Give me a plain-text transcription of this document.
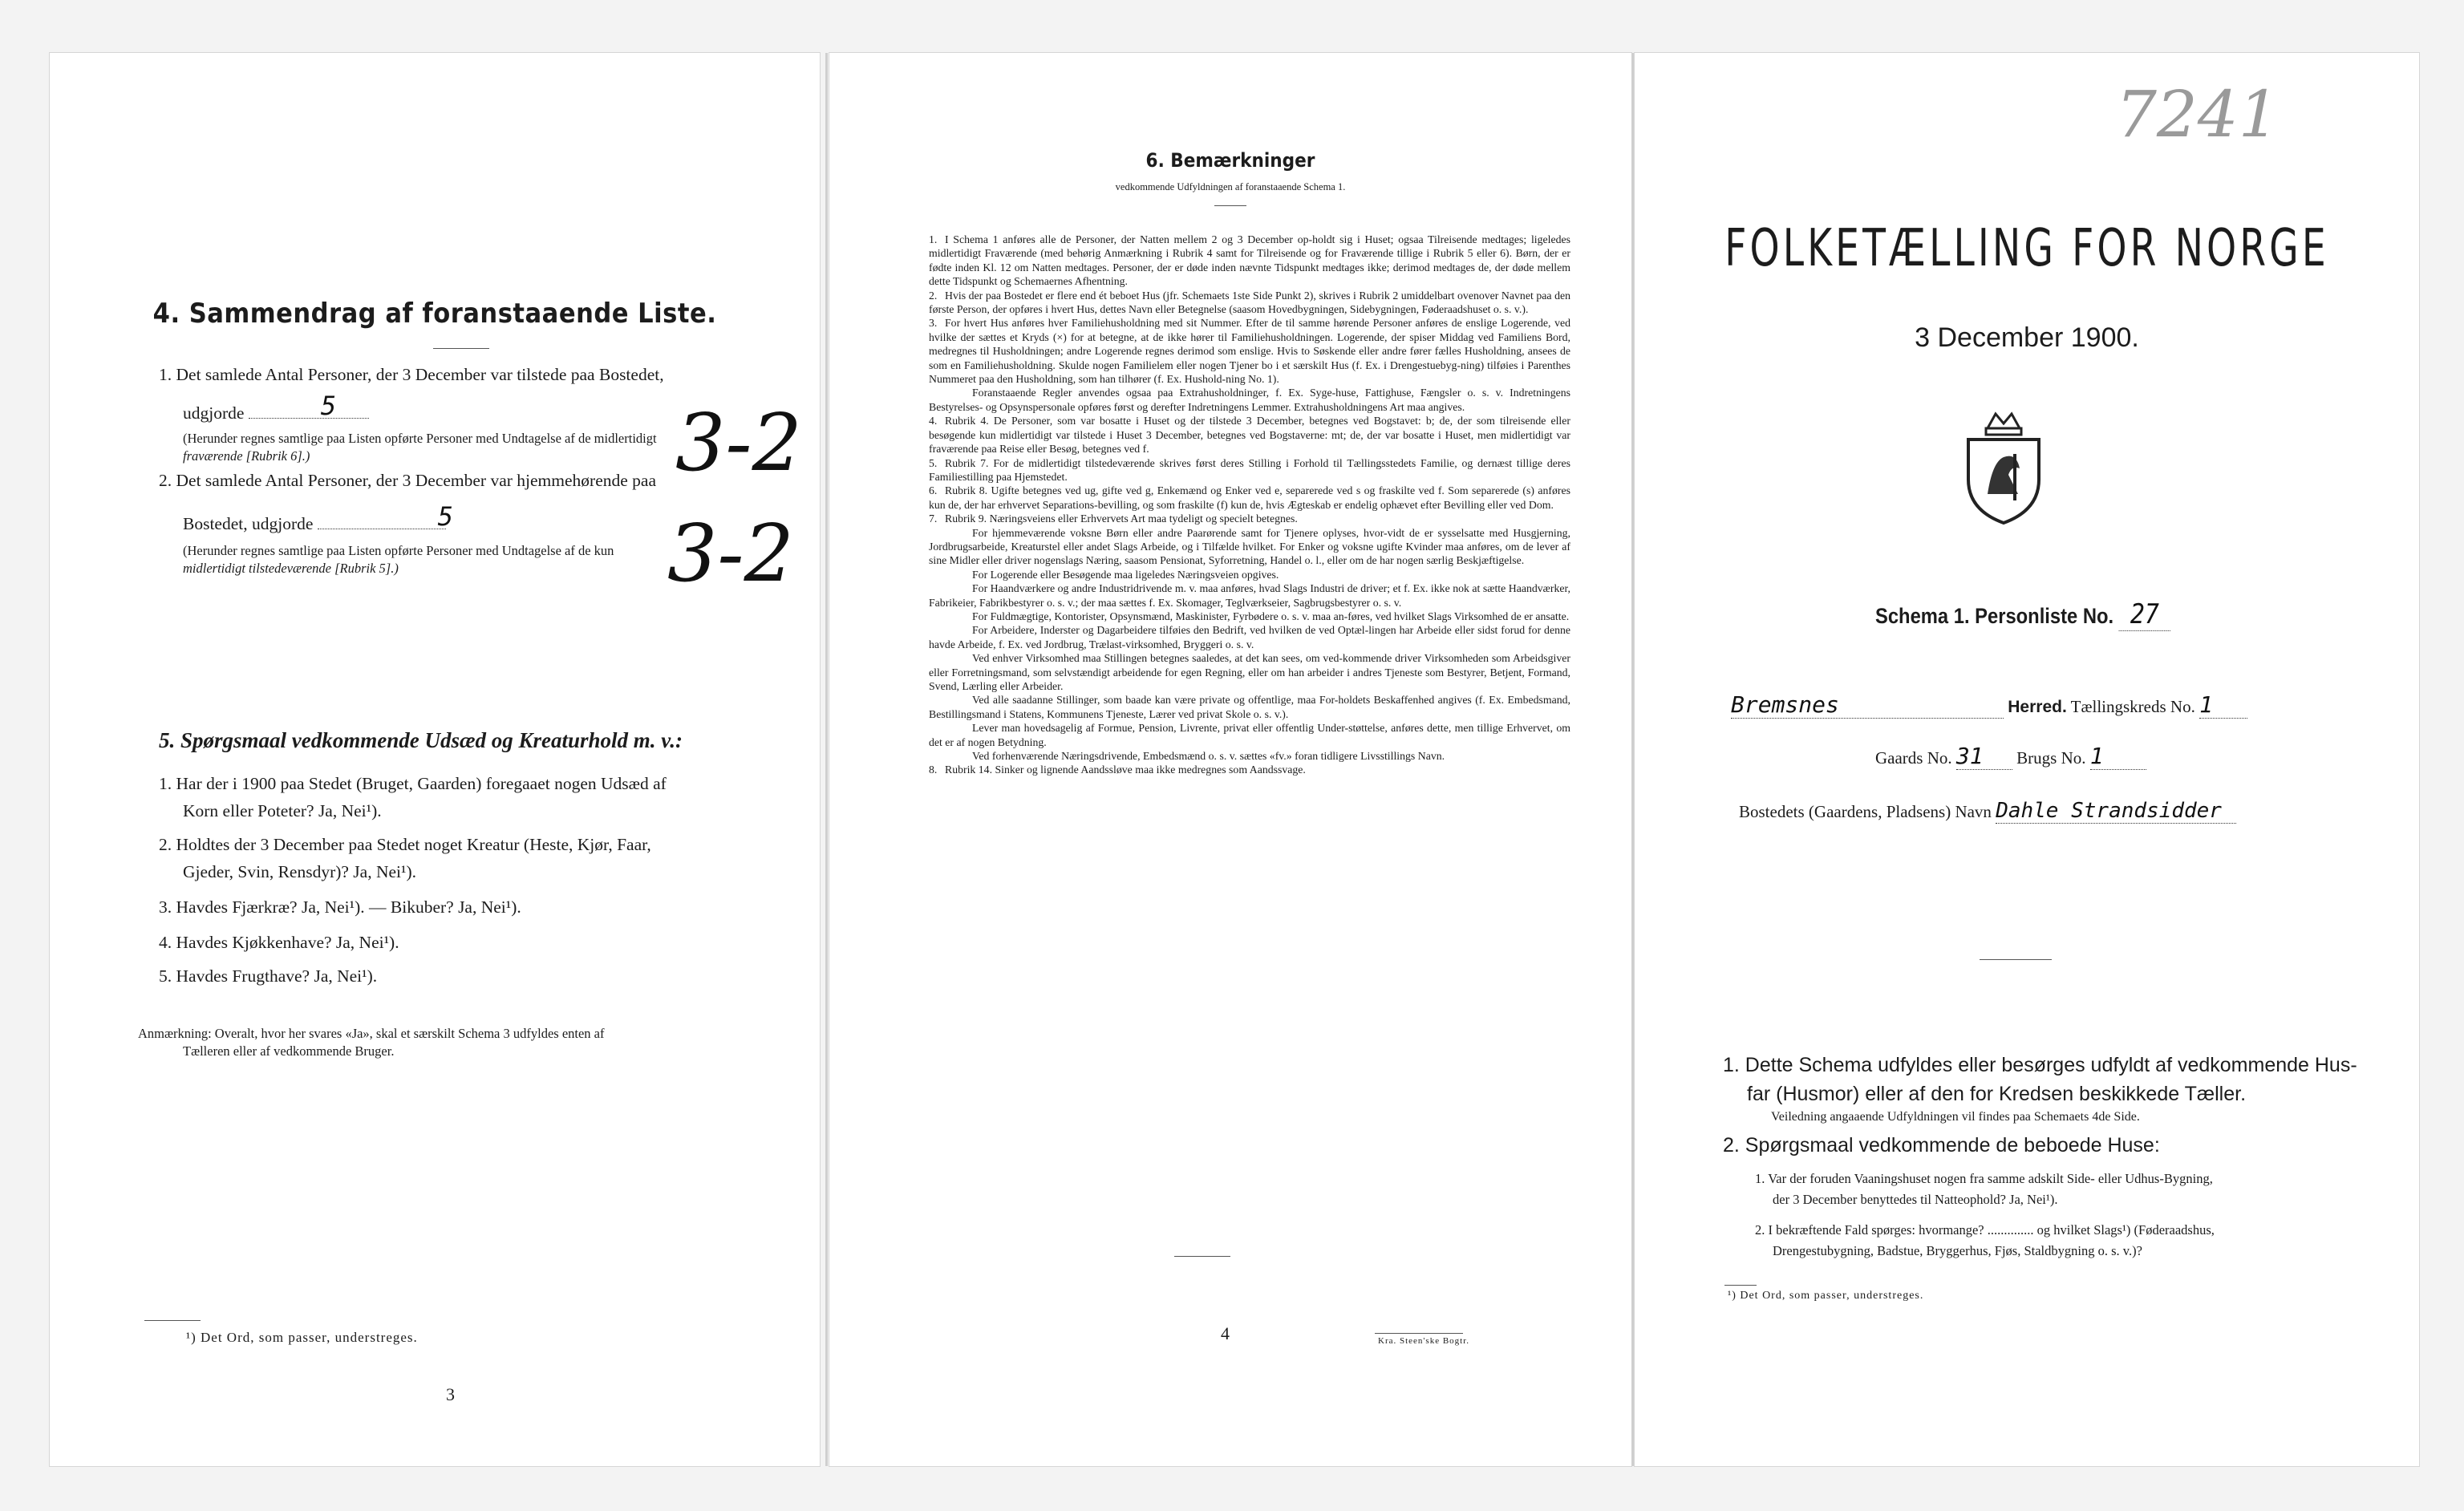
4. Sammendrag af foranstaaende Liste.
1. Det samlede Antal Personer, der 3 December var tilstede paa Bostedet,
udgjorde	5
(Herunder regnes samtlige paa Listen opførte Personer med Undtagelse af de midlertidigt
fraværende [Rubrik 6].)	3-2
2. Det samlede Antal Personer, der 3 December var hjemmehørende paa
Bostedet, udgjorde	5
(Herunder regnes samtlige paa Listen opførte Personer med Undtagelse af de kun
midlertidigt tilstedeværende [Rubrik 5].)	3-2
5. Spørgsmaal vedkommende Udsæd og Kreaturhold m. v.:
1. Har der i 1900 paa Stedet (Bruget, Gaarden) foregaaet nogen Udsæd af
Korn eller Poteter? Ja, Nei¹).
2. Holdtes der 3 December paa Stedet noget Kreatur (Heste, Kjør, Faar,
Gjeder, Svin, Rensdyr)? Ja, Nei¹).
3. Havdes Fjærkræ? Ja, Nei¹). — Bikuber? Ja, Nei¹).
4. Havdes Kjøkkenhave? Ja, Nei¹).
5. Havdes Frugthave? Ja, Nei¹).
Anmærkning: Overalt, hvor her svares «Ja», skal et særskilt Schema 3 udfyldes enten af
Tælleren eller af vedkommende Bruger.
¹) Det Ord, som passer, understreges.
3
6. Bemærkninger
vedkommende Udfyldningen af foranstaaende Schema 1.

1. I Schema 1 anføres alle de Personer, der Natten mellem 2 og 3 December op-holdt sig i Huset; ogsaa Tilreisende medtages; ligeledes midlertidigt Fraværende (med behørig Anmærkning i Rubrik 4 samt for Tilreisende og for Fraværende tillige i Rubrik 5 eller 6). Børn, der er fødte inden Kl. 12 om Natten medtages. Personer, der er døde inden nævnte Tidspunkt medtages ikke; derimod medtages de, der døde mellem dette Tidspunkt og Schemaernes Afhentning.

2. Hvis der paa Bostedet er flere end ét beboet Hus (jfr. Schemaets 1ste Side Punkt 2), skrives i Rubrik 2 umiddelbart ovenover Navnet paa den første Person, der opføres i hvert Hus, dettes Navn eller Betegnelse (saasom Hovedbygningen, Sidebygningen, Føderaadshuset o. s. v.).

3. For hvert Hus anføres hver Familiehusholdning med sit Nummer. Efter de til samme hørende Personer anføres de enslige Logerende, ved hvilke der sættes et Kryds (×) for at betegne, at de ikke hører til Familiehusholdningen. Logerende, der spiser Middag ved Familiens Bord, medregnes til Husholdningen; andre Logerende regnes derimod som enslige. Hvis to Søskende eller andre fører fælles Husholdning, ansees de som en Familiehusholdning. Skulde nogen Familielem eller nogen Tjener bo i et særskilt Hus (f. Ex. i Drengestuebyg-ning) tilføies i Parenthes Nummeret paa den Husholdning, som han tilhører (f. Ex. Hushold-ning No. 1).

Foranstaaende Regler anvendes ogsaa paa Extrahusholdninger, f. Ex. Syge-huse, Fattighuse, Fængsler o. s. v. Indretningens Bestyrelses- og Opsynspersonale opføres først og derefter Indretningens Lemmer. Extrahusholdningens Art maa angives.

4. Rubrik 4. De Personer, som var bosatte i Huset og der tilstede 3 December, betegnes ved Bogstavet: b; de, der som tilreisende eller besøgende kun midlertidigt var tilstede i Huset 3 December, betegnes ved Bogstaverne: mt; de, der var bosatte i Huset, men midlertidigt var fraværende paa Reise eller Besøg, betegnes ved f.

5. Rubrik 7. For de midlertidigt tilstedeværende skrives først deres Stilling i Forhold til Tællingsstedets Familie, og dernæst tillige deres Familiestilling paa Hjemstedet.

6. Rubrik 8. Ugifte betegnes ved ug, gifte ved g, Enkemænd og Enker ved e, separerede ved s og fraskilte ved f. Som separerede (s) anføres kun de, der har erhvervet Separations-bevilling, og som fraskilte (f) kun de, hvis Ægteskab er endelig ophævet efter Bevilling eller ved Dom.

7. Rubrik 9. Næringsveiens eller Erhvervets Art maa tydeligt og specielt betegnes.

For hjemmeværende voksne Børn eller andre Paarørende samt for Tjenere oplyses, hvor-vidt de er sysselsatte med Husgjerning, Jordbrugsarbeide, Kreaturstel eller andet Slags Arbeide, og i Tilfælde hvilket. For Enker og voksne ugifte Kvinder maa anføres, om de lever af sine Midler eller driver nogenslags Næring, saasom Pensionat, Syforretning, Handel o. l., eller om de har nogen særlig Beskjæftigelse.

For Logerende eller Besøgende maa ligeledes Næringsveien opgives.

For Haandværkere og andre Industridrivende m. v. maa anføres, hvad Slags Industri de driver; et f. Ex. ikke nok at sætte Haandværker, Fabrikeier, Fabrikbestyrer o. s. v.; der maa sættes f. Ex. Skomager, Teglværkseier, Sagbrugsbestyrer o. s. v.

For Fuldmægtige, Kontorister, Opsynsmænd, Maskinister, Fyrbødere o. s. v. maa an-føres, ved hvilket Slags Virksomhed de er ansatte.

For Arbeidere, Inderster og Dagarbeidere tilføies den Bedrift, ved hvilken de ved Optæl-lingen har Arbeide eller sidst forud for denne havde Arbeide, f. Ex. ved Jordbrug, Trælast-virksomhed, Bryggeri o. s. v.

Ved enhver Virksomhed maa Stillingen betegnes saaledes, at det kan sees, om ved-kommende driver Virksomheden som Arbeidsgiver eller Forretningsmand, som selvstændigt arbeidende for egen Regning, eller om han arbeider i andres Tjeneste som Bestyrer, Betjent, Formand, Svend, Lærling eller Arbeider.

Ved alle saadanne Stillinger, som baade kan være private og offentlige, maa For-holdets Beskaffenhed angives (f. Ex. Embedsmand, Bestillingsmand i Statens, Kommunens Tjeneste, Lærer ved privat Skole o. s. v.).

Lever man hovedsagelig af Formue, Pension, Livrente, privat eller offentlig Under-støttelse, anføres dette, men tillige Erhvervet, om det er af nogen Betydning.

Ved forhenværende Næringsdrivende, Embedsmænd o. s. v. sættes «fv.» foran tidligere Livsstillings Navn.

8. Rubrik 14. Sinker og lignende Aandssløve maa ikke medregnes som Aandssvage.

4	Kra. Steen'ske Bogtr.
7241
FOLKETÆLLING FOR NORGE
3 December 1900.
Schema 1. Personliste No. 27
Bremsnes	Herred. Tællingskreds No. 1
Gaards No. 31 Brugs No. 1
Bostedets (Gaardens, Pladsens) Navn Dahle Strandsidder
1. Dette Schema udfyldes eller besørges udfyldt af vedkommende Hus-
far (Husmor) eller af den for Kredsen beskikkede Tæller.
Veiledning angaaende Udfyldningen vil findes paa Schemaets 4de Side.
2. Spørgsmaal vedkommende de beboede Huse:
1. Var der foruden Vaaningshuset nogen fra samme adskilt Side- eller Udhus-Bygning,
der 3 December benyttedes til Natteophold? Ja, Nei¹).
2. I bekræftende Fald spørges: hvormange? .............. og hvilket Slags¹) (Føderaadshus,
Drengestubygning, Badstue, Bryggerhus, Fjøs, Staldbygning o. s. v.)?
¹) Det Ord, som passer, understreges.
